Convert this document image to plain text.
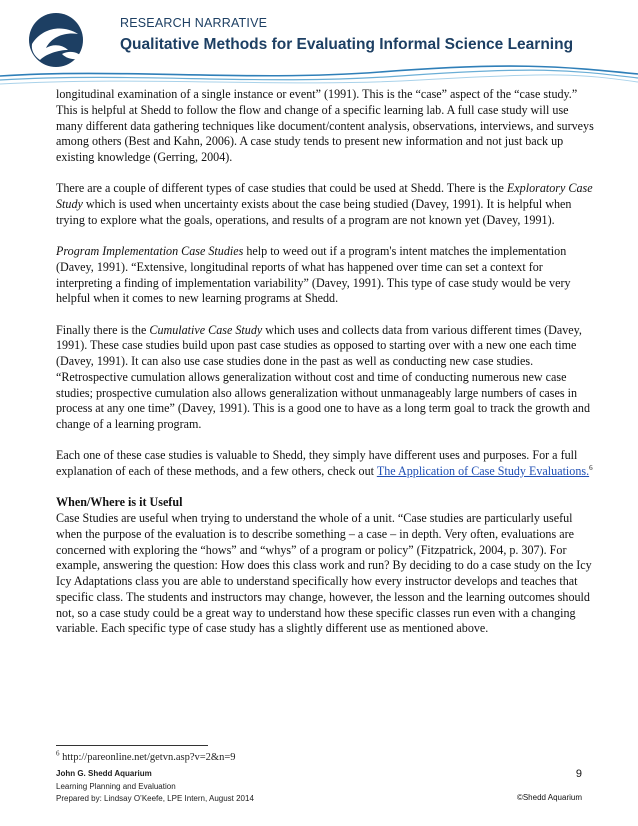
RESEARCH NARRATIVE
Qualitative Methods for Evaluating Informal Science Learning

longitudinal examination of a single instance or event” (1991). This is the “case” aspect of the “case study.” This is helpful at Shedd to follow the flow and change of a specific learning lab. A full case study will use many different data gathering techniques like document/content analysis, observations, interviews, and surveys among others (Best and Kahn, 2006). A case study tends to present new information and not just back up existing knowledge (Gerring, 2004).

There are a couple of different types of case studies that could be used at Shedd. There is the Exploratory Case Study which is used when uncertainty exists about the case being studied (Davey, 1991). It is helpful when trying to explore what the goals, operations, and results of a program are not known yet (Davey, 1991).

Program Implementation Case Studies help to weed out if a program's intent matches the implementation (Davey, 1991). “Extensive, longitudinal reports of what has happened over time can set a context for interpreting a finding of implementation variability” (Davey, 1991). This type of case study would be very helpful when it comes to new learning programs at Shedd.

Finally there is the Cumulative Case Study which uses and collects data from various different times (Davey, 1991). These case studies build upon past case studies as opposed to starting over with a new one each time (Davey, 1991). It can also use case studies done in the past as well as conducting new case studies. “Retrospective cumulation allows generalization without cost and time of conducting numerous new case studies; prospective cumulation also allows generalization without unmanageably large numbers of cases in process at any one time” (Davey, 1991). This is a good one to have as a long term goal to track the growth and change of a learning program.

Each one of these case studies is valuable to Shedd, they simply have different uses and purposes. For a full explanation of each of these methods, and a few others, check out The Application of Case Study Evaluations.$^6$

When/Where is it Useful

Case Studies are useful when trying to understand the whole of a unit. “Case studies are particularly useful when the purpose of the evaluation is to describe something – a case – in depth. Very often, evaluations are concerned with exploring the “hows” and “whys” of a program or policy” (Fitzpatrick, 2004, p. 307). For example, answering the question: How does this class work and run? By deciding to do a case study on the Icy Icy Adaptations class you are able to understand specifically how every instructor develops and teaches that specific class. The students and instructors may change, however, the lesson and the learning outcomes should not, so a case study could be a great way to understand how these specific classes run even with a changing variable. Each specific type of case study has a slightly different use as mentioned above.

$^6$ http://pareonline.net/getvn.asp?v=2&n=9
John G. Shedd Aquarium
Learning Planning and Evaluation
Prepared by: Lindsay O’Keefe, LPE Intern, August 2014
9
©Shedd Aquarium
